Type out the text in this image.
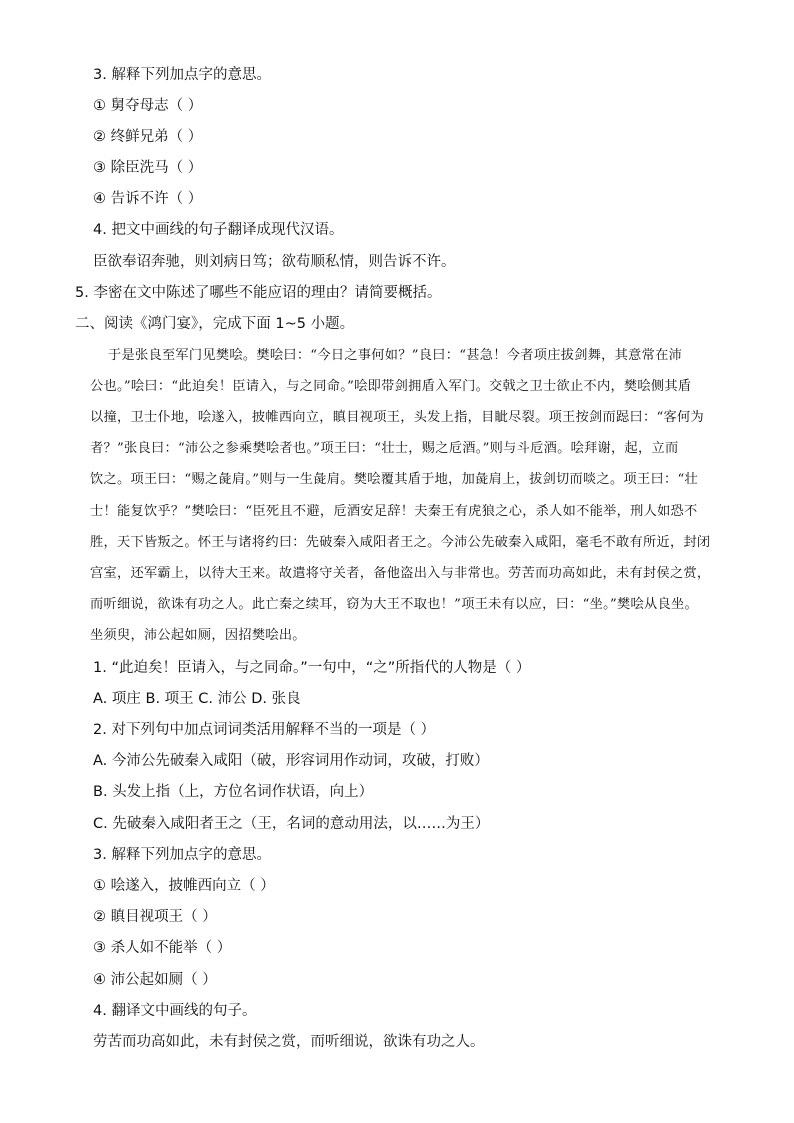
3. 解释下列加点字的意思。
① 舅夺母志（ ）
② 终鲜兄弟（ ）
③ 除臣洗马（ ）
④ 告诉不许（ ）
4. 把文中画线的句子翻译成现代汉语。
臣欲奉诏奔驰，则刘病日笃；欲苟顺私情，则告诉不许。
5. 李密在文中陈述了哪些不能应诏的理由？请简要概括。
二、阅读《鸿门宴》，完成下面 1~5 小题。
于是张良至军门见樊哙。樊哙曰：“今日之事何如？”良曰：“甚急！今者项庄拔剑舞，其意常在沛
公也。”哙曰：“此迫矣！臣请入，与之同命。”哙即带剑拥盾入军门。交戟之卫士欲止不内，樊哙侧其盾
以撞，卫士仆地，哙遂入，披帷西向立，瞋目视项王，头发上指，目眦尽裂。项王按剑而跽曰：“客何为
者？”张良曰：“沛公之参乘樊哙者也。”项王曰：“壮士，赐之卮酒。”则与斗卮酒。哙拜谢，起，立而
饮之。项王曰：“赐之彘肩。”则与一生彘肩。樊哙覆其盾于地，加彘肩上，拔剑切而啖之。项王曰：“壮
士！能复饮乎？”樊哙曰：“臣死且不避，卮酒安足辞！夫秦王有虎狼之心，杀人如不能举，刑人如恐不
胜，天下皆叛之。怀王与诸将约曰：先破秦入咸阳者王之。今沛公先破秦入咸阳，毫毛不敢有所近，封闭
宫室，还军霸上，以待大王来。故遣将守关者，备他盗出入与非常也。劳苦而功高如此，未有封侯之赏，
而听细说，欲诛有功之人。此亡秦之续耳，窃为大王不取也！”项王未有以应，曰：“坐。”樊哙从良坐。
坐须臾，沛公起如厕，因招樊哙出。
1. “此迫矣！臣请入，与之同命。”一句中，“之”所指代的人物是（ ）
A. 项庄 B. 项王 C. 沛公 D. 张良
2. 对下列句中加点词词类活用解释不当的一项是（ ）
A. 今沛公先破秦入咸阳（破，形容词用作动词，攻破，打败）
B. 头发上指（上，方位名词作状语，向上）
C. 先破秦入咸阳者王之（王，名词的意动用法，以……为王）
3. 解释下列加点字的意思。
① 哙遂入，披帷西向立（ ）
② 瞋目视项王（ ）
③ 杀人如不能举（ ）
④ 沛公起如厕（ ）
4. 翻译文中画线的句子。
劳苦而功高如此，未有封侯之赏，而听细说，欲诛有功之人。
